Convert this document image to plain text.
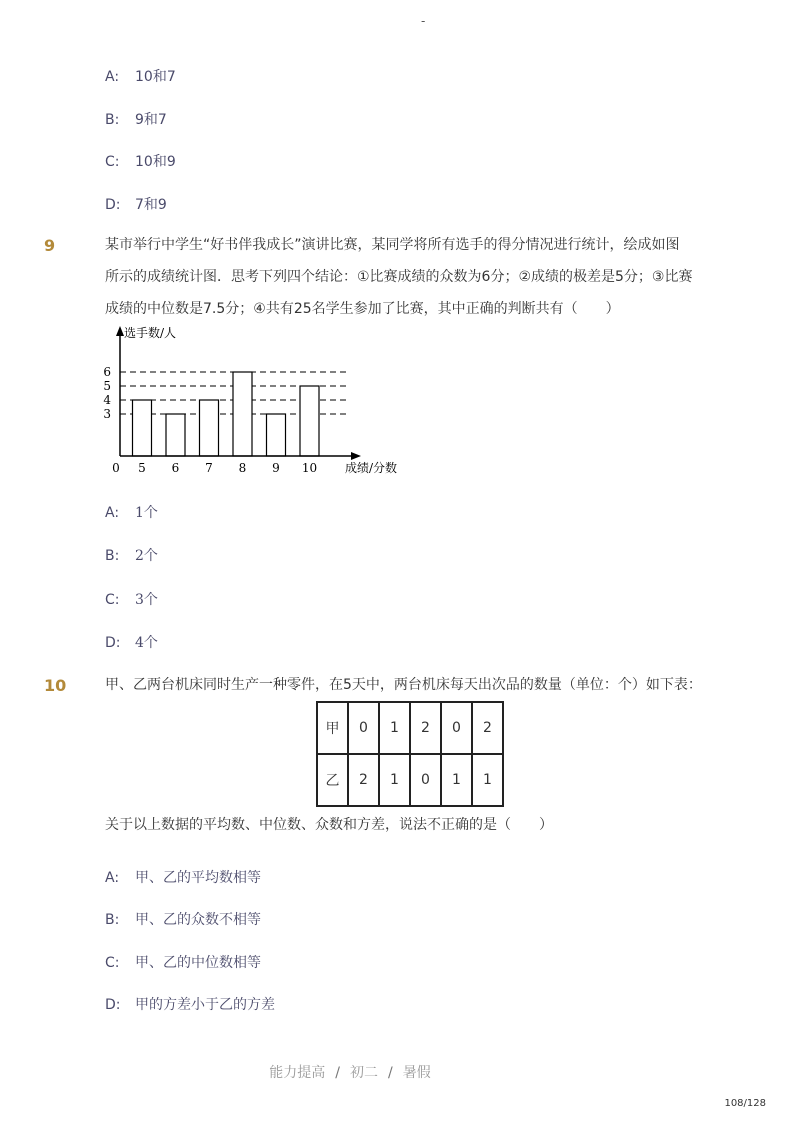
-
A: 10和7
B: 9和7
C: 10和9
D: 7和9
9	某市举行中学生“好书伴我成长”演讲比赛，某同学将所有选手的得分情况进行统计，绘成如图
所示的成绩统计图．思考下列四个结论：①比赛成绩的众数为6分；②成绩的极差是5分；③比赛
成绩的中位数是7.5分；④共有25名学生参加了比赛，其中正确的判断共有（　　）
3
4
5
6
0 5 6 7 8 9 10
选手数/人
成绩/分数
A: 1个
B: 2个
C: 3个
D: 4个
10	甲、乙两台机床同时生产一种零件，在5天中，两台机床每天出次品的数量（单位：个）如下表：
甲	0	1	2	0	2
乙	2	1	0	1	1
关于以上数据的平均数、中位数、众数和方差，说法不正确的是（　　）
A: 甲、乙的平均数相等
B: 甲、乙的众数不相等
C: 甲、乙的中位数相等
D: 甲的方差小于乙的方差
能力提高 / 初二 / 暑假
108/128
